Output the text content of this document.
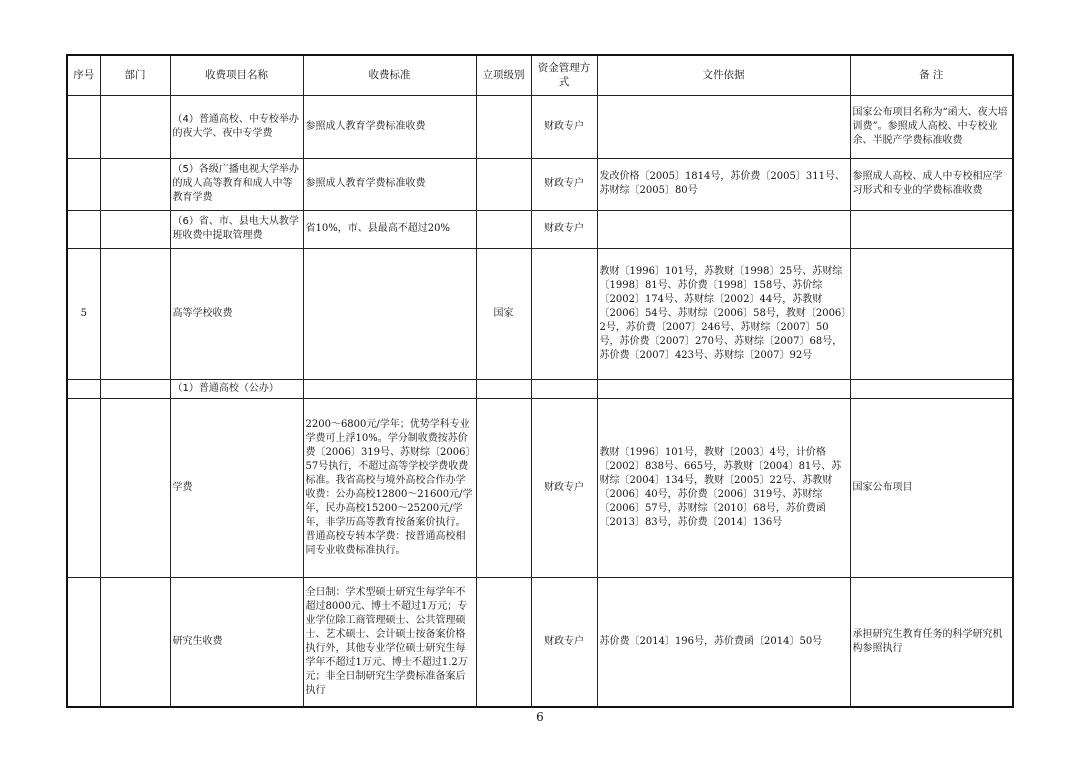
序号	部门	收费项目名称	收费标准	立项级别	资金管理方式	文件依据	备 注
		（4）普通高校、中专校举办的夜大学、夜中专学费	参照成人教育学费标准收费		财政专户		国家公布项目名称为“函大、夜大培训费”。参照成人高校、中专校业余、半脱产学费标准收费
		（5）各级广播电视大学举办的成人高等教育和成人中等教育学费	参照成人教育学费标准收费		财政专户	发改价格〔2005〕1814号，苏价费〔2005〕311号、苏财综〔2005〕80号	参照成人高校、成人中专校相应学习形式和专业的学费标准收费
		（6）省、市、县电大从教学班收费中提取管理费	省10%，市、县最高不超过20%		财政专户		
5		高等学校收费		国家		教财〔1996〕101号，苏教财〔1998〕25号、苏财综〔1998〕81号、苏价费〔1998〕158号、苏价综〔2002〕174号、苏财综〔2002〕44号，苏教财〔2006〕54号、苏财综〔2006〕58号，教财〔2006〕2号，苏价费〔2007〕246号、苏财综〔2007〕50号，苏价费〔2007〕270号、苏财综〔2007〕68号，苏价费〔2007〕423号、苏财综〔2007〕92号	
		（1）普通高校（公办）					
		学费	2200～6800元/学年；优势学科专业学费可上浮10%。学分制收费按苏价费〔2006〕319号、苏财综〔2006〕57号执行，不超过高等学校学费收费标准。我省高校与境外高校合作办学收费：公办高校12800～21600元/学年，民办高校15200～25200元/学年，非学历高等教育按备案价执行。普通高校专转本学费：按普通高校相同专业收费标准执行。		财政专户	教财〔1996〕101号，教财〔2003〕4号，计价格〔2002〕838号、665号，苏教财〔2004〕81号、苏财综〔2004〕134号，教财〔2005〕22号、苏教财〔2006〕40号，苏价费〔2006〕319号、苏财综〔2006〕57号，苏财综〔2010〕68号，苏价费函〔2013〕83号，苏价费〔2014〕136号	国家公布项目
		研究生收费	全日制：学术型硕士研究生每学年不超过8000元、博士不超过1万元；专业学位除工商管理硕士、公共管理硕士、艺术硕士、会计硕士按备案价格执行外，其他专业学位硕士研究生每学年不超过1万元、博士不超过1.2万元；非全日制研究生学费标准备案后执行		财政专户	苏价费〔2014〕196号，苏价费函〔2014〕50号	承担研究生教育任务的科学研究机构参照执行
6
